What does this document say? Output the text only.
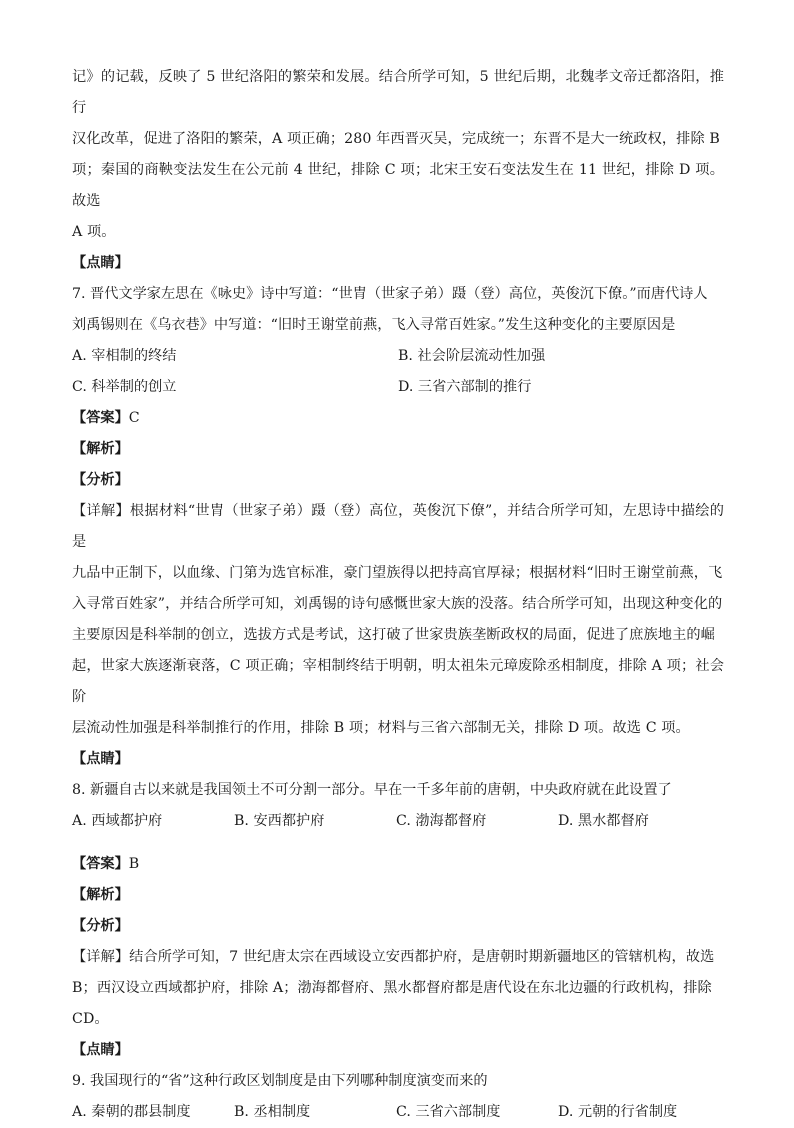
记》的记载，反映了 5 世纪洛阳的繁荣和发展。结合所学可知，5 世纪后期，北魏孝文帝迁都洛阳，推行

汉化改革，促进了洛阳的繁荣，A 项正确；280 年西晋灭吴，完成统一；东晋不是大一统政权，排除 B

项；秦国的商鞅变法发生在公元前 4 世纪，排除 C 项；北宋王安石变法发生在 11 世纪，排除 D 项。故选

A 项。

【点睛】

7. 晋代文学家左思在《咏史》诗中写道：“世胄（世家子弟）蹑（登）高位，英俊沉下僚。”而唐代诗人

刘禹锡则在《乌衣巷》中写道：“旧时王谢堂前燕，飞入寻常百姓家。”发生这种变化的主要原因是

A. 宰相制的终结	B. 社会阶层流动性加强
C. 科举制的创立	D. 三省六部制的推行

【答案】C

【解析】

【分析】

【详解】根据材料“世胄（世家子弟）蹑（登）高位，英俊沉下僚”，并结合所学可知，左思诗中描绘的是

九品中正制下，以血缘、门第为选官标准，豪门望族得以把持高官厚禄；根据材料“旧时王谢堂前燕，飞

入寻常百姓家”，并结合所学可知，刘禹锡的诗句感慨世家大族的没落。结合所学可知，出现这种变化的

主要原因是科举制的创立，选拔方式是考试，这打破了世家贵族垄断政权的局面，促进了庶族地主的崛

起，世家大族逐渐衰落，C 项正确；宰相制终结于明朝，明太祖朱元璋废除丞相制度，排除 A 项；社会阶

层流动性加强是科举制推行的作用，排除 B 项；材料与三省六部制无关，排除 D 项。故选 C 项。

【点睛】

8. 新疆自古以来就是我国领土不可分割一部分。早在一千多年前的唐朝，中央政府就在此设置了

A. 西域都护府	B. 安西都护府	C. 渤海都督府	D. 黑水都督府

【答案】B

【解析】

【分析】

【详解】结合所学可知，7 世纪唐太宗在西域设立安西都护府，是唐朝时期新疆地区的管辖机构，故选

B；西汉设立西域都护府，排除 A；渤海都督府、黑水都督府都是唐代设在东北边疆的行政机构，排除

CD。

【点睛】

9. 我国现行的“省”这种行政区划制度是由下列哪种制度演变而来的

A. 秦朝的郡县制度	B. 丞相制度	C. 三省六部制度	D. 元朝的行省制度
